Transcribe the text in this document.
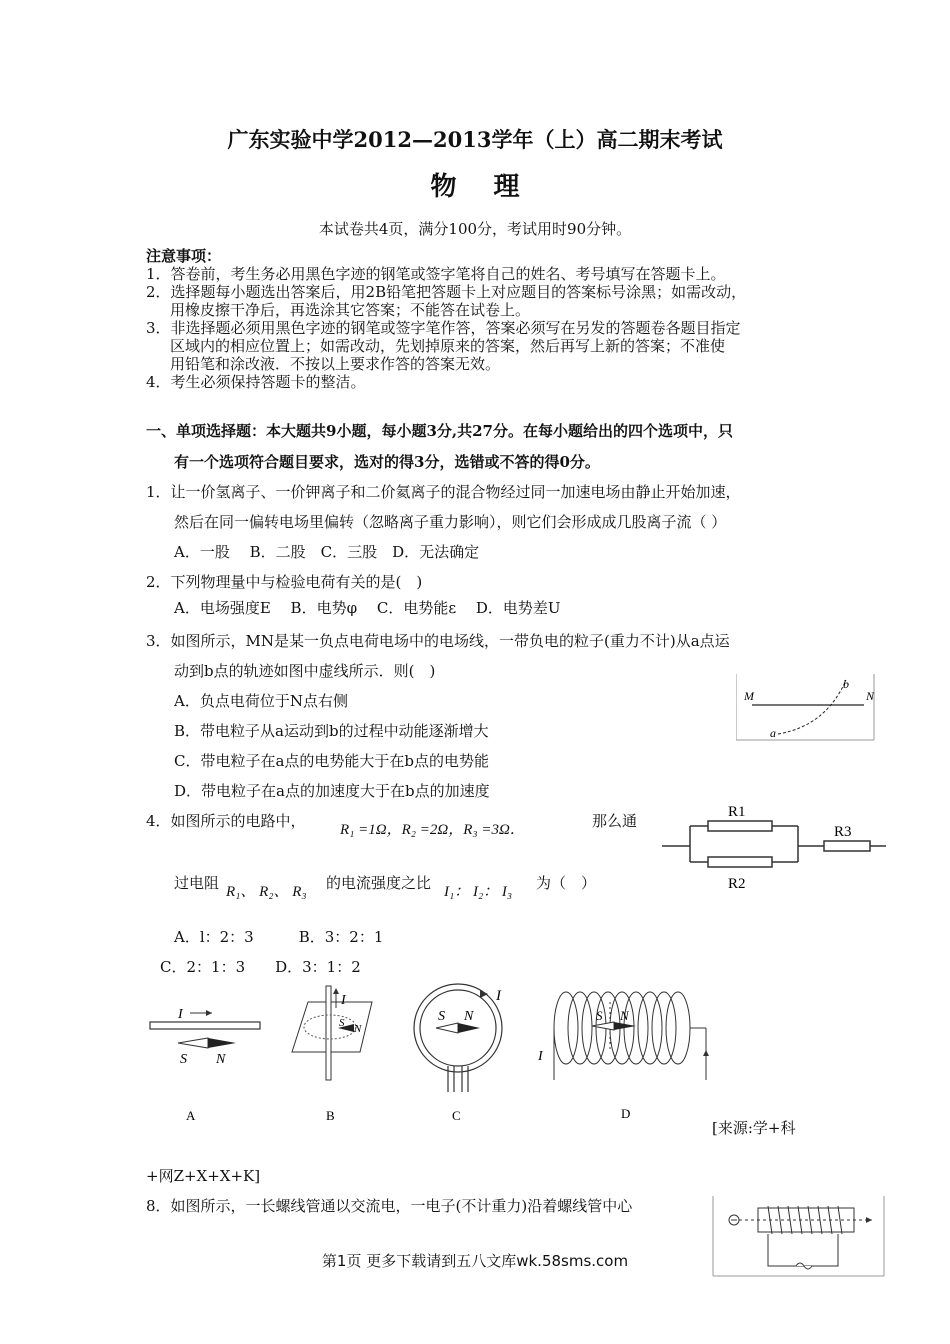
广东实验中学2012—2013学年（上）高二期末考试
物 理
本试卷共4页，满分100分，考试用时90分钟。
注意事项：
1．答卷前，考生务必用黑色字迹的钢笔或签字笔将自己的姓名、考号填写在答题卡上。
2．选择题每小题选出答案后，用2B铅笔把答题卡上对应题目的答案标号涂黑；如需改动，
用橡皮擦干净后，再选涂其它答案；不能答在试卷上。
3．非选择题必须用黑色字迹的钢笔或签字笔作答，答案必须写在另发的答题卷各题目指定
区域内的相应位置上；如需改动，先划掉原来的答案，然后再写上新的答案；不准使
用铅笔和涂改液．不按以上要求作答的答案无效。
4．考生必须保持答题卡的整洁。
一、单项选择题：本大题共9小题，每小题3分,共27分。在每小题给出的四个选项中，只
有一个选项符合题目要求，选对的得3分，选错或不答的得0分。
1．让一价氢离子、一价钾离子和二价氦离子的混合物经过同一加速电场由静止开始加速，
然后在同一偏转电场里偏转（忽略离子重力影响），则它们会形成成几股离子流（ ）
A．一股　 B．二股　C．三股　D．无法确定
2．下列物理量中与检验电荷有关的是(　)
A．电场强度E　 B．电势φ　 C．电势能ε　 D．电势差U
3．如图所示，MN是某一负点电荷电场中的电场线，一带负电的粒子(重力不计)从a点运
动到b点的轨迹如图中虚线所示．则(　)
A．负点电荷位于N点右侧
B．带电粒子从a运动到b的过程中动能逐渐增大
C．带电粒子在a点的电势能大于在b点的电势能
D．带电粒子在a点的加速度大于在b点的加速度
M	N
a
b
4．如图所示的电路中， R₁ =1Ω，R₂ =2Ω，R₃ =3Ω．	那么通
过电阻 R₁、 R₂、 R₃ 的电流强度之比 I₁： I₂： I₃ 为（　）
A．l：2：3　　　B．3：2：1
C．2：1：3　　D．3：1：2
R1
R2
R3
I
S N
I
S N
S N
I
S N
I
A	B	C	D
[来源:学+科
+网Z+X+X+K]
8．如图所示，一长螺线管通以交流电，一电子(不计重力)沿着螺线管中心
第1页 更多下载请到五八文库wk.58sms.com
